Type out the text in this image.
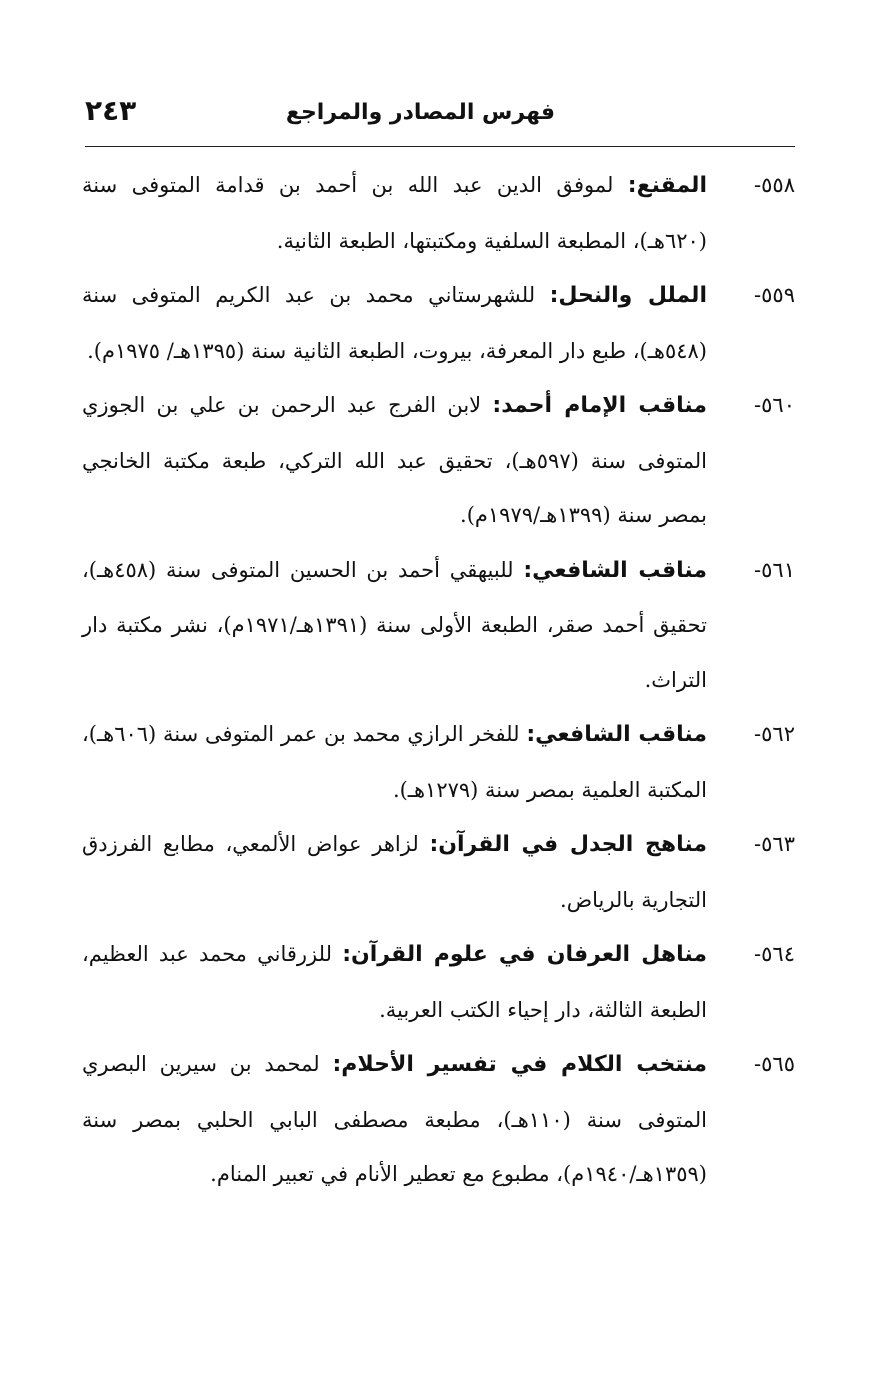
فهرس المصادر والمراجع
٢٤٣
٥٥٨-
المقنع: لموفق الدين عبد الله بن أحمد بن قدامة المتوفى سنة (٦٢٠هـ)، المطبعة السلفية ومكتبتها، الطبعة الثانية.
٥٥٩-
الملل والنحل: للشهرستاني محمد بن عبد الكريم المتوفى سنة (٥٤٨هـ)، طبع دار المعرفة، بيروت، الطبعة الثانية سنة (١٣٩٥هـ/ ١٩٧٥م).
٥٦٠-
مناقب الإمام أحمد: لابن الفرج عبد الرحمن بن علي بن الجوزي المتوفى سنة (٥٩٧هـ)، تحقيق عبد الله التركي، طبعة مكتبة الخانجي بمصر سنة (١٣٩٩هـ/١٩٧٩م).
٥٦١-
مناقب الشافعي: للبيهقي أحمد بن الحسين المتوفى سنة (٤٥٨هـ)، تحقيق أحمد صقر، الطبعة الأولى سنة (١٣٩١هـ/١٩٧١م)، نشر مكتبة دار التراث.
٥٦٢-
مناقب الشافعي: للفخر الرازي محمد بن عمر المتوفى سنة (٦٠٦هـ)، المكتبة العلمية بمصر سنة (١٢٧٩هـ).
٥٦٣-
مناهج الجدل في القرآن: لزاهر عواض الألمعي، مطابع الفرزدق التجارية بالرياض.
٥٦٤-
مناهل العرفان في علوم القرآن: للزرقاني محمد عبد العظيم، الطبعة الثالثة، دار إحياء الكتب العربية.
٥٦٥-
منتخب الكلام في تفسير الأحلام: لمحمد بن سيرين البصري المتوفى سنة (١١٠هـ)، مطبعة مصطفى البابي الحلبي بمصر سنة (١٣٥٩هـ/١٩٤٠م)، مطبوع مع تعطير الأنام في تعبير المنام.
